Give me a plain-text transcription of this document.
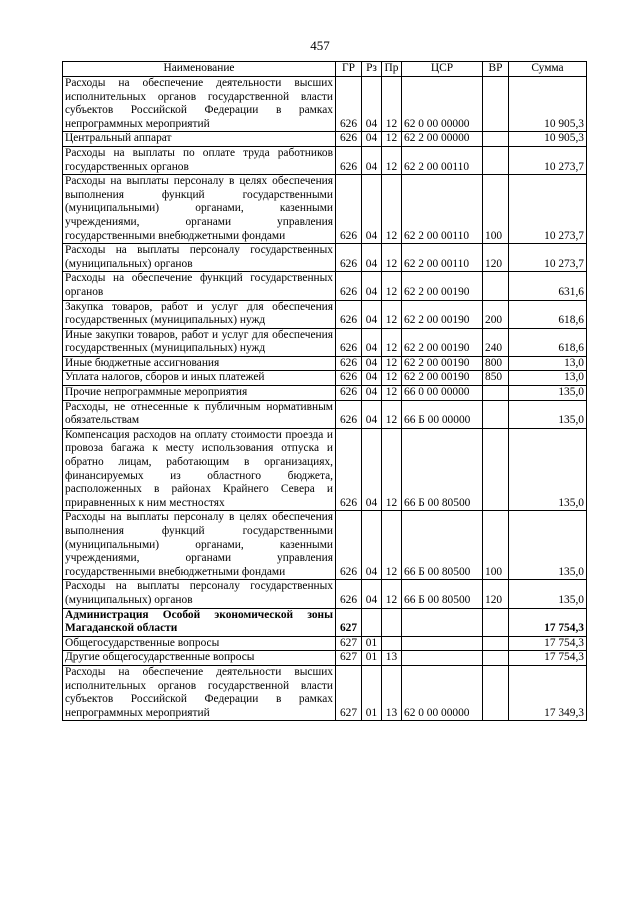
457
Наименование	ГР	Рз	Пр	ЦСР	ВР	Сумма
Расходы на обеспечение деятельности высших исполнительных органов государственной власти субъектов Российской Федерации в рамках непрограммных мероприятий	626	04	12	62 0 00 00000		10 905,3
Центральный аппарат	626	04	12	62 2 00 00000		10 905,3
Расходы на выплаты по оплате труда работников государственных органов	626	04	12	62 2 00 00110		10 273,7
Расходы на выплаты персоналу в целях обеспечения выполнения функций государственными (муниципальными) органами, казенными учреждениями, органами управления государственными внебюджетными фондами	626	04	12	62 2 00 00110	100	10 273,7
Расходы на выплаты персоналу государственных (муниципальных) органов	626	04	12	62 2 00 00110	120	10 273,7
Расходы на обеспечение функций государственных органов	626	04	12	62 2 00 00190		631,6
Закупка товаров, работ и услуг для обеспечения государственных (муниципальных) нужд	626	04	12	62 2 00 00190	200	618,6
Иные закупки товаров, работ и услуг для обеспечения государственных (муниципальных) нужд	626	04	12	62 2 00 00190	240	618,6
Иные бюджетные ассигнования	626	04	12	62 2 00 00190	800	13,0
Уплата налогов, сборов и иных платежей	626	04	12	62 2 00 00190	850	13,0
Прочие непрограммные мероприятия	626	04	12	66 0 00 00000		135,0
Расходы, не отнесенные к публичным нормативным обязательствам	626	04	12	66 Б 00 00000		135,0
Компенсация расходов на оплату стоимости проезда и провоза багажа к месту использования отпуска и обратно лицам, работающим в организациях, финансируемых из областного бюджета, расположенных в районах Крайнего Севера и приравненных к ним местностях	626	04	12	66 Б 00 80500		135,0
Расходы на выплаты персоналу в целях обеспечения выполнения функций государственными (муниципальными) органами, казенными учреждениями, органами управления государственными внебюджетными фондами	626	04	12	66 Б 00 80500	100	135,0
Расходы на выплаты персоналу государственных (муниципальных) органов	626	04	12	66 Б 00 80500	120	135,0
Администрация Особой экономической зоны Магаданской области	627					17 754,3
Общегосударственные вопросы	627	01				17 754,3
Другие общегосударственные вопросы	627	01	13			17 754,3
Расходы на обеспечение деятельности высших исполнительных органов государственной власти субъектов Российской Федерации в рамках непрограммных мероприятий	627	01	13	62 0 00 00000		17 349,3
